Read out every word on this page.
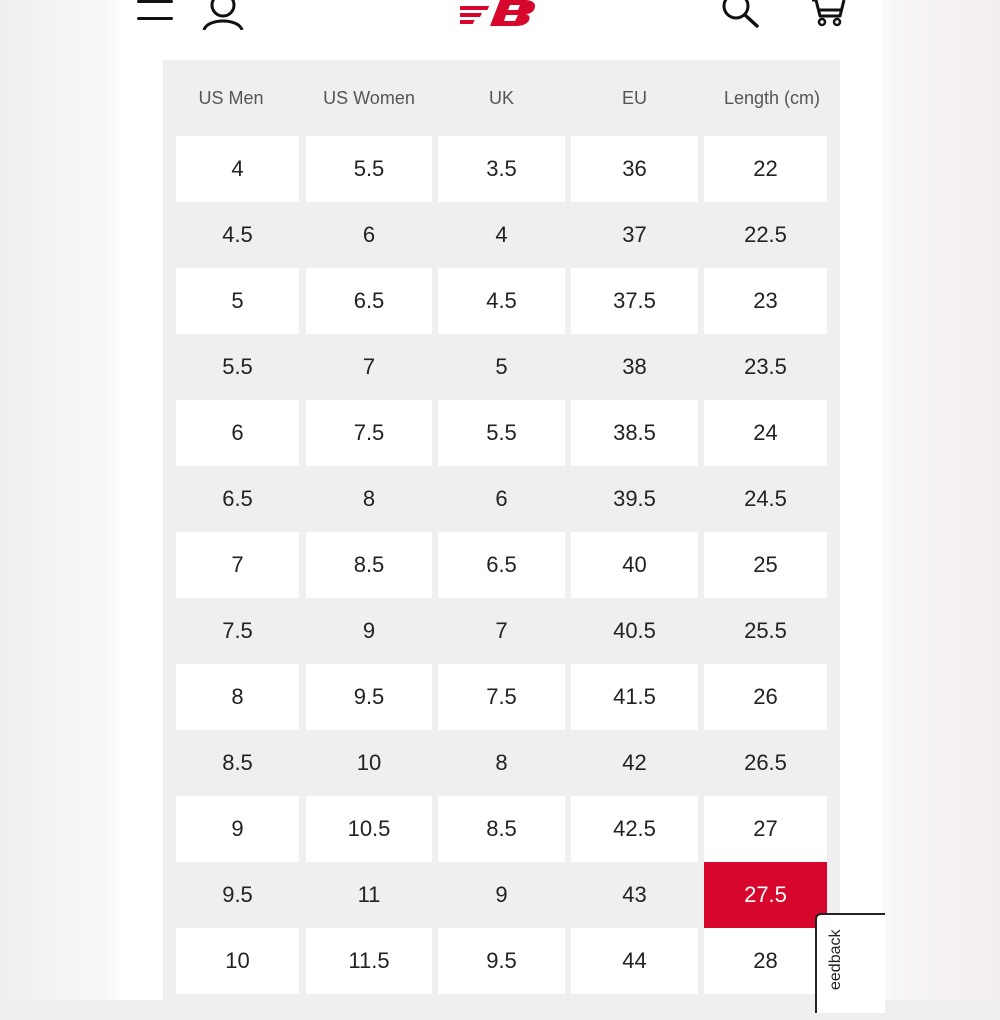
US Men	US Women	UK	EU	Length (cm)
4	5.5	3.5	36	22
4.5	6	4	37	22.5
5	6.5	4.5	37.5	23
5.5	7	5	38	23.5
6	7.5	5.5	38.5	24
6.5	8	6	39.5	24.5
7	8.5	6.5	40	25
7.5	9	7	40.5	25.5
8	9.5	7.5	41.5	26
8.5	10	8	42	26.5
9	10.5	8.5	42.5	27
9.5	11	9	43	27.5
10	11.5	9.5	44	28	eedback
